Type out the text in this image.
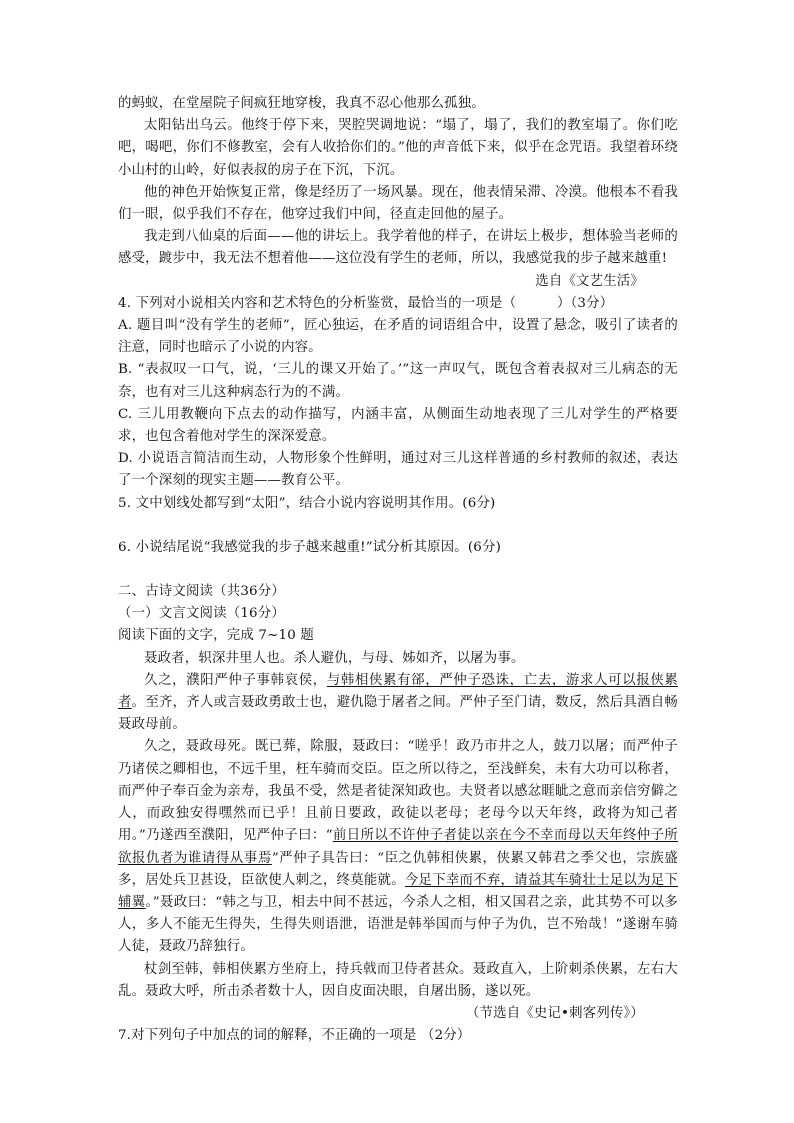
的蚂蚁，在堂屋院子间疯狂地穿梭，我真不忍心他那么孤独。

太阳钻出乌云。他终于停下来，哭腔哭调地说：“塌了，塌了，我们的教室塌了。你们吃吧，喝吧，你们不修教室，会有人收拾你们的。”他的声音低下来，似乎在念咒语。我望着环绕小山村的山岭，好似表叔的房子在下沉，下沉。

他的神色开始恢复正常，像是经历了一场风暴。现在，他表情呆滞、冷漠。他根本不看我们一眼，似乎我们不存在，他穿过我们中间，径直走回他的屋子。

我走到八仙桌的后面——他的讲坛上。我学着他的样子，在讲坛上极步，想体验当老师的感受，踱步中，我无法不想着他——这位没有学生的老师，所以，我感觉我的步子越来越重!

选自《文艺生活》

4. 下列对小说相关内容和艺术特色的分析鉴赏，最恰当的一项是（　　　）（3分）

A. 题目叫“没有学生的老师”，匠心独运，在矛盾的词语组合中，设置了悬念，吸引了读者的注意，同时也暗示了小说的内容。

B. “表叔叹一口气，说，‘三儿的课又开始了。’”这一声叹气，既包含着表叔对三儿病态的无奈，也有对三儿这种病态行为的不满。

C. 三儿用教鞭向下点去的动作描写，内涵丰富，从侧面生动地表现了三儿对学生的严格要求，也包含着他对学生的深深爱意。

D. 小说语言简洁而生动，人物形象个性鲜明，通过对三儿这样普通的乡村教师的叙述，表达了一个深刻的现实主题——教育公平。

5. 文中划线处都写到“太阳”，结合小说内容说明其作用。(6分)

6. 小说结尾说“我感觉我的步子越来越重!”试分析其原因。(6分)

二、古诗文阅读（共36分）

（一）文言文阅读（16分）

阅读下面的文字，完成 7~10 题

聂政者，轵深井里人也。杀人避仇，与母、姊如齐，以屠为事。

久之，濮阳严仲子事韩哀侯，与韩相侠累有郤，严仲子恐诛，亡去，游求人可以报侠累者。至齐，齐人或言聂政勇敢士也，避仇隐于屠者之间。严仲子至门请，数反，然后具酒自畅聂政母前。

久之，聂政母死。既已葬，除服，聂政曰：“嗟乎！政乃市井之人，鼓刀以屠；而严仲子乃诸侯之卿相也，不远千里，枉车骑而交臣。臣之所以待之，至浅鲜矣，未有大功可以称者，而严仲子奉百金为亲寿，我虽不受，然是者徒深知政也。夫贤者以感忿睚眦之意而亲信穷僻之人，而政独安得嘿然而已乎！且前日要政，政徒以老母；老母今以天年终，政将为知己者用。”乃遂西至濮阳，见严仲子曰：“前日所以不许仲子者徒以亲在今不幸而母以天年终仲子所欲报仇者为谁请得从事焉”严仲子具告曰：“臣之仇韩相侠累，侠累又韩君之季父也，宗族盛多，居处兵卫甚设，臣欲使人刺之，终莫能就。今足下幸而不弃，请益其车骑壮士足以为足下辅翼。”聂政曰：“韩之与卫，相去中间不甚远，今杀人之相，相又国君之亲，此其势不可以多人，多人不能无生得失，生得失则语泄，语泄是韩举国而与仲子为仇，岂不殆哉！”遂谢车骑人徒，聂政乃辞独行。

杖剑至韩，韩相侠累方坐府上，持兵戟而卫侍者甚众。聂政直入，上阶刺杀侠累，左右大乱。聂政大呼，所击杀者数十人，因自皮面决眼，自屠出肠，遂以死。

（节选自《史记•刺客列传》）

7.对下列句子中加点的词的解释，不正确的一项是 （2分）
